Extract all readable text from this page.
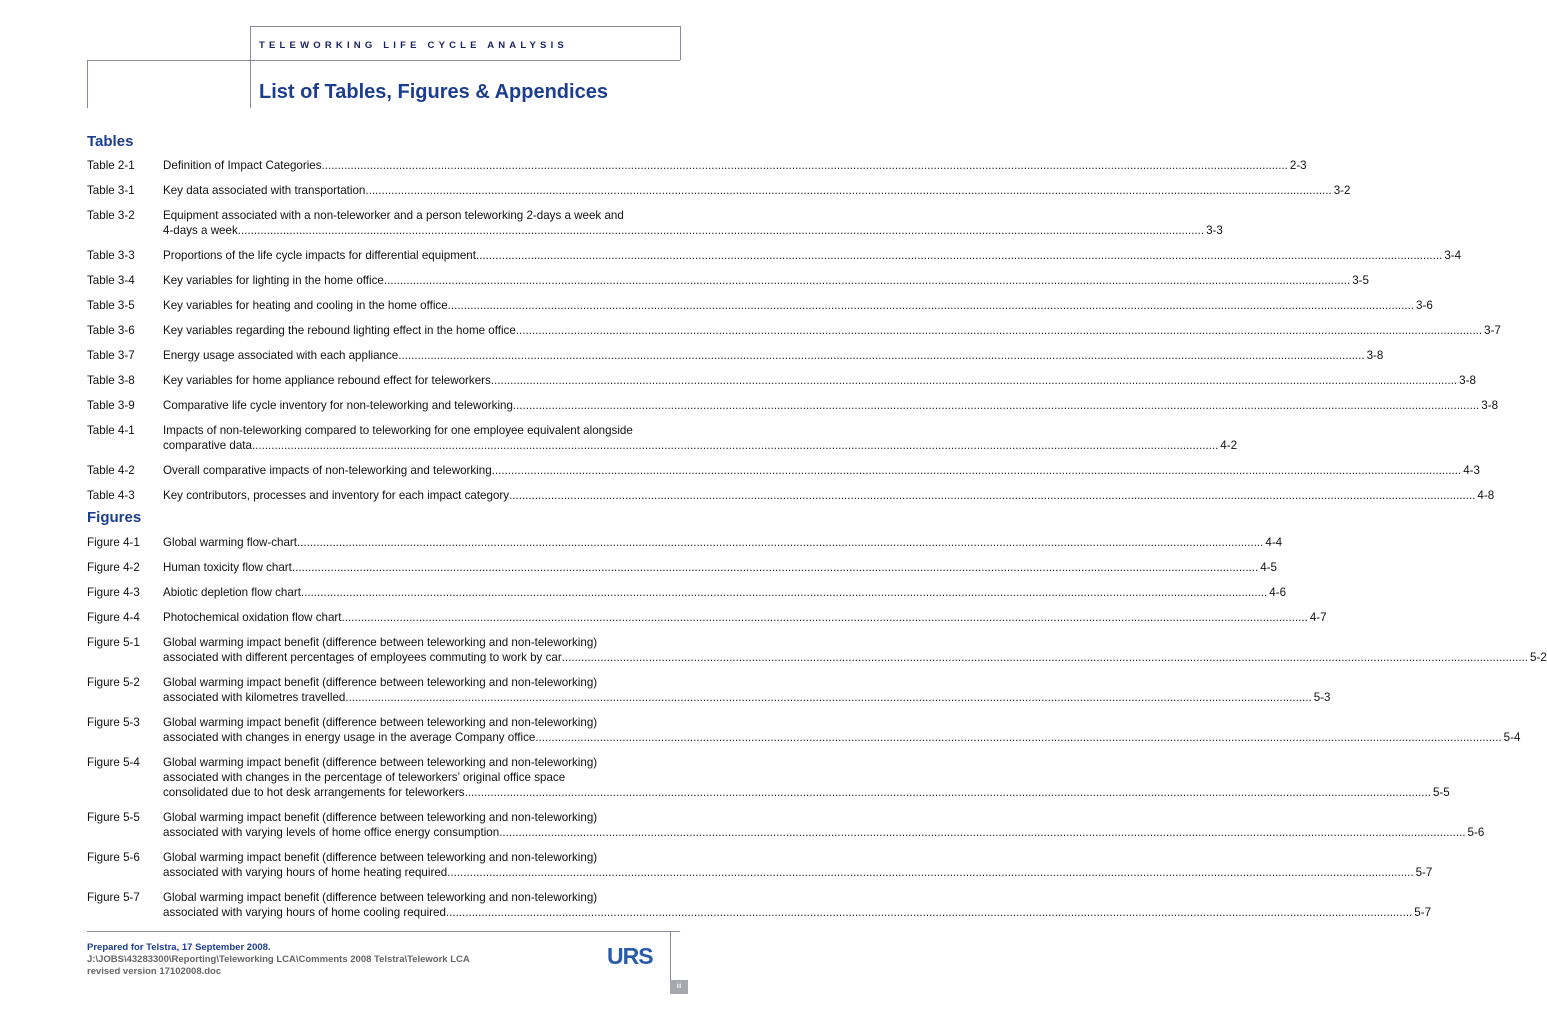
TELEWORKING LIFE CYCLE ANALYSIS
List of Tables, Figures & Appendices
Tables
Table 2-1 Definition of Impact Categories ............................................................................................................................................................................................................................................................................................................ 2-3
Table 3-1 Key data associated with transportation ............................................................................................................................................................................................................................................................................................................ 3-2
Table 3-2 Equipment associated with a non-teleworker and a person teleworking 2-days a week and
4-days a week ............................................................................................................................................................................................................................................................................................................ 3-3
Table 3-3 Proportions of the life cycle impacts for differential equipment ............................................................................................................................................................................................................................................................................................................ 3-4
Table 3-4 Key variables for lighting in the home office ............................................................................................................................................................................................................................................................................................................ 3-5
Table 3-5 Key variables for heating and cooling in the home office ............................................................................................................................................................................................................................................................................................................ 3-6
Table 3-6 Key variables regarding the rebound lighting effect in the home office ............................................................................................................................................................................................................................................................................................................ 3-7
Table 3-7 Energy usage associated with each appliance ............................................................................................................................................................................................................................................................................................................ 3-8
Table 3-8 Key variables for home appliance rebound effect for teleworkers ............................................................................................................................................................................................................................................................................................................ 3-8
Table 3-9 Comparative life cycle inventory for non-teleworking and teleworking ............................................................................................................................................................................................................................................................................................................ 3-8
Table 4-1 Impacts of non-teleworking compared to teleworking for one employee equivalent alongside
comparative data ............................................................................................................................................................................................................................................................................................................ 4-2
Table 4-2 Overall comparative impacts of non-teleworking and teleworking. ............................................................................................................................................................................................................................................................................................................ 4-3
Table 4-3 Key contributors, processes and inventory for each impact category ............................................................................................................................................................................................................................................................................................................ 4-8
Figures
Figure 4-1 Global warming flow-chart ............................................................................................................................................................................................................................................................................................................ 4-4
Figure 4-2 Human toxicity flow chart ............................................................................................................................................................................................................................................................................................................ 4-5
Figure 4-3 Abiotic depletion flow chart ............................................................................................................................................................................................................................................................................................................ 4-6
Figure 4-4 Photochemical oxidation flow chart ............................................................................................................................................................................................................................................................................................................ 4-7
Figure 5-1 Global warming impact benefit (difference between teleworking and non-teleworking)
associated with different percentages of employees commuting to work by car ............................................................................................................................................................................................................................................................................................................ 5-2
Figure 5-2 Global warming impact benefit (difference between teleworking and non-teleworking)
associated with kilometres travelled ............................................................................................................................................................................................................................................................................................................ 5-3
Figure 5-3 Global warming impact benefit (difference between teleworking and non-teleworking)
associated with changes in energy usage in the average Company office ............................................................................................................................................................................................................................................................................................................ 5-4
Figure 5-4 Global warming impact benefit (difference between teleworking and non-teleworking)
associated with changes in the percentage of teleworkers’ original office space
consolidated due to hot desk arrangements for teleworkers ............................................................................................................................................................................................................................................................................................................ 5-5
Figure 5-5 Global warming impact benefit (difference between teleworking and non-teleworking)
associated with varying levels of home office energy consumption ............................................................................................................................................................................................................................................................................................................ 5-6
Figure 5-6 Global warming impact benefit (difference between teleworking and non-teleworking)
associated with varying hours of home heating required ............................................................................................................................................................................................................................................................................................................ 5-7
Figure 5-7 Global warming impact benefit (difference between teleworking and non-teleworking)
associated with varying hours of home cooling required ............................................................................................................................................................................................................................................................................................................ 5-7
Prepared for Telstra, 17 September 2008.
J:\JOBS\43283300\Reporting\Teleworking LCA\Comments 2008 Telstra\Telework LCA
revised version 17102008.doc
URS
iii
